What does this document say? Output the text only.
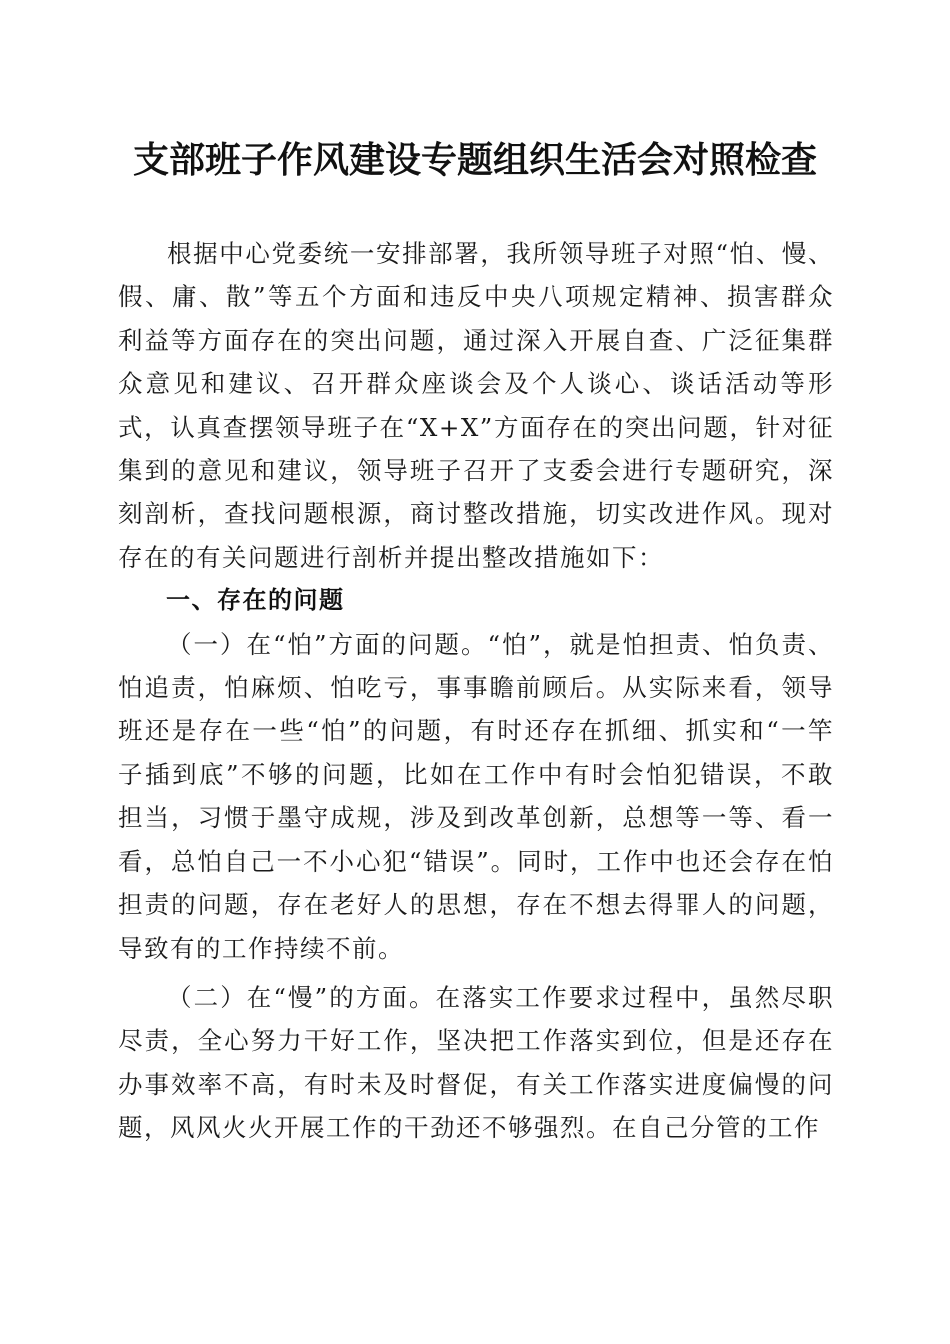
支部班子作风建设专题组织生活会对照检查

根据中心党委统一安排部署，我所领导班子对照“怕、慢、假、庸、散”等五个方面和违反中央八项规定精神、损害群众利益等方面存在的突出问题，通过深入开展自查、广泛征集群众意见和建议、召开群众座谈会及个人谈心、谈话活动等形式，认真查摆领导班子在“X+X”方面存在的突出问题，针对征集到的意见和建议，领导班子召开了支委会进行专题研究，深刻剖析，查找问题根源，商讨整改措施，切实改进作风。现对存在的有关问题进行剖析并提出整改措施如下：

一、存在的问题

（一）在“怕”方面的问题。“怕”，就是怕担责、怕负责、怕追责，怕麻烦、怕吃亏，事事瞻前顾后。从实际来看，领导班还是存在一些“怕”的问题，有时还存在抓细、抓实和“一竿子插到底”不够的问题，比如在工作中有时会怕犯错误，不敢担当，习惯于墨守成规，涉及到改革创新，总想等一等、看一看，总怕自己一不小心犯“错误”。同时，工作中也还会存在怕担责的问题，存在老好人的思想，存在不想去得罪人的问题，导致有的工作持续不前。

（二）在“慢”的方面。在落实工作要求过程中，虽然尽职尽责，全心努力干好工作，坚决把工作落实到位，但是还存在办事效率不高，有时未及时督促，有关工作落实进度偏慢的问题，风风火火开展工作的干劲还不够强烈。在自己分管的工作
